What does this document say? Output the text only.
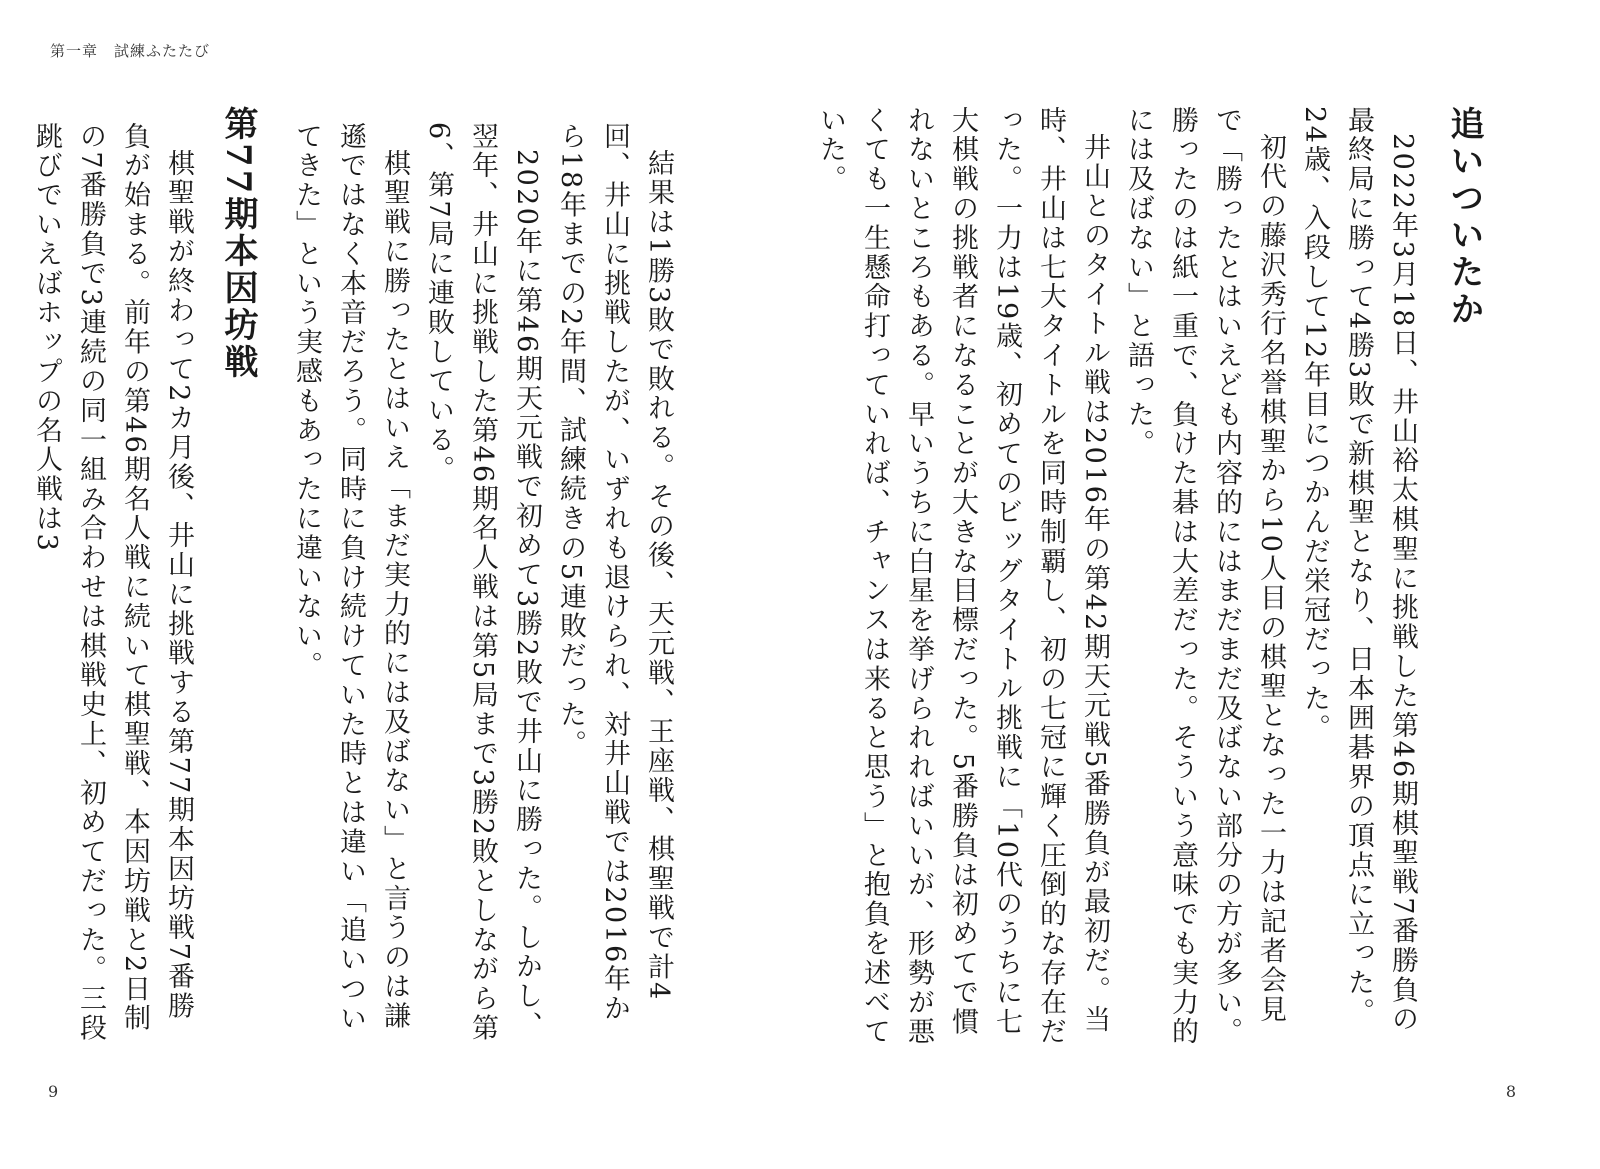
第一章　試練ふたたび
追いついたか

2022年3月18日、井山裕太棋聖に挑戦した第46期棋聖戦7番勝負の最終局に勝って4勝3敗で新棋聖となり、日本囲碁界の頂点に立った。24歳、入段して12年目につかんだ栄冠だった。

初代の藤沢秀行名誉棋聖から10人目の棋聖となった一力は記者会見で「勝ったとはいえども内容的にはまだまだ及ばない部分の方が多い。勝ったのは紙一重で、負けた碁は大差だった。そういう意味でも実力的には及ばない」と語った。

井山とのタイトル戦は2016年の第42期天元戦5番勝負が最初だ。当時、井山は七大タイトルを同時制覇し、初の七冠に輝く圧倒的な存在だった。一力は19歳、初めてのビッグタイトル挑戦に「10代のうちに七大棋戦の挑戦者になることが大きな目標だった。5番勝負は初めてで慣れないところもある。早いうちに白星を挙げられればいいが、形勢が悪くても一生懸命打っていれば、チャンスは来ると思う」と抱負を述べていた。

結果は1勝3敗で敗れる。その後、天元戦、王座戦、棋聖戦で計4回、井山に挑戦したが、いずれも退けられ、対井山戦では2016年から18年までの2年間、試練続きの5連敗だった。

2020年に第46期天元戦で初めて3勝2敗で井山に勝った。しかし、翌年、井山に挑戦した第46期名人戦は第5局まで3勝2敗としながら第6、第7局に連敗している。

棋聖戦に勝ったとはいえ「まだ実力的には及ばない」と言うのは謙遜ではなく本音だろう。同時に負け続けていた時とは違い「追いついてきた」という実感もあったに違いない。

第77期本因坊戦

棋聖戦が終わって2カ月後、井山に挑戦する第77期本因坊戦7番勝負が始まる。前年の第46期名人戦に続いて棋聖戦、本因坊戦と2日制の7番勝負で3連続の同一組み合わせは棋戦史上、初めてだった。三段跳びでいえばホップの名人戦は3

9	8
